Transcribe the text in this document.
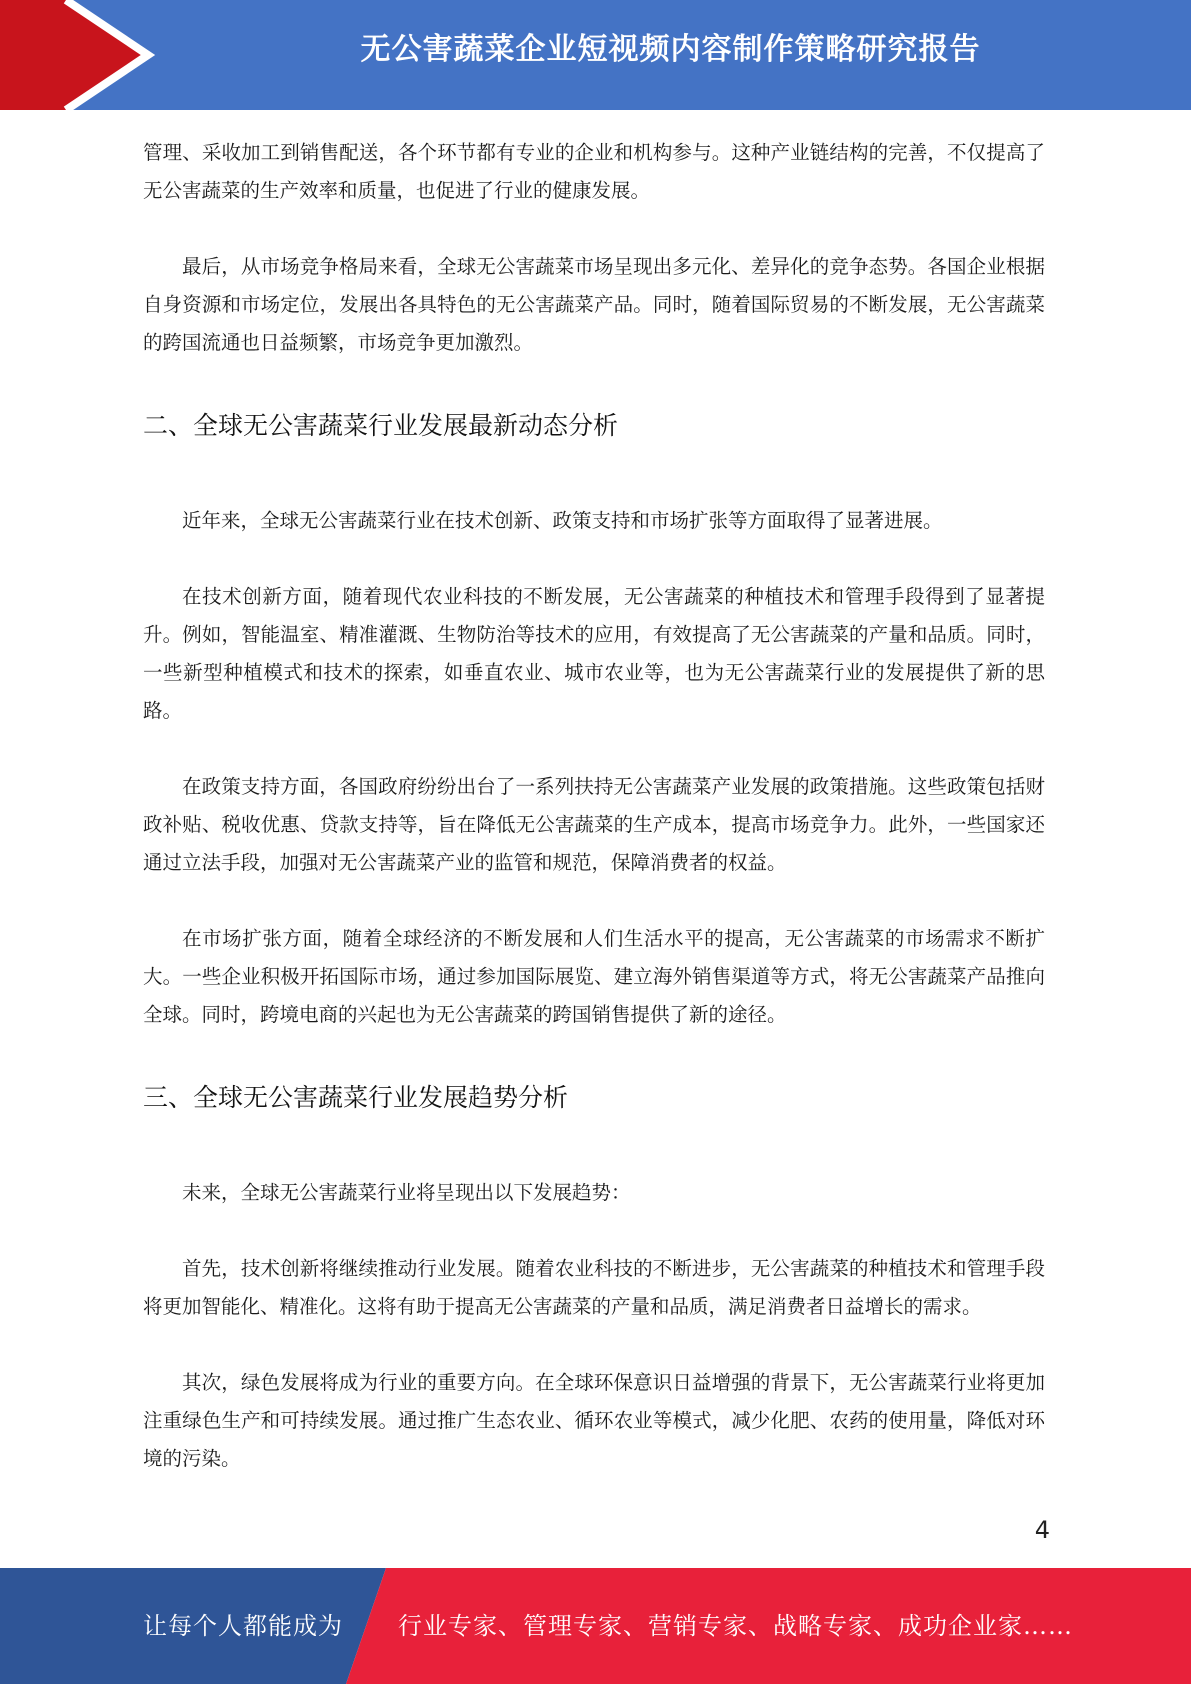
无公害蔬菜企业短视频内容制作策略研究报告

管理、采收加工到销售配送，各个环节都有专业的企业和机构参与。这种产业链结构的完善，不仅提高了无公害蔬菜的生产效率和质量，也促进了行业的健康发展。

最后，从市场竞争格局来看，全球无公害蔬菜市场呈现出多元化、差异化的竞争态势。各国企业根据自身资源和市场定位，发展出各具特色的无公害蔬菜产品。同时，随着国际贸易的不断发展，无公害蔬菜的跨国流通也日益频繁，市场竞争更加激烈。

二、全球无公害蔬菜行业发展最新动态分析

近年来，全球无公害蔬菜行业在技术创新、政策支持和市场扩张等方面取得了显著进展。

在技术创新方面，随着现代农业科技的不断发展，无公害蔬菜的种植技术和管理手段得到了显著提升。例如，智能温室、精准灌溉、生物防治等技术的应用，有效提高了无公害蔬菜的产量和品质。同时，一些新型种植模式和技术的探索，如垂直农业、城市农业等，也为无公害蔬菜行业的发展提供了新的思路。

在政策支持方面，各国政府纷纷出台了一系列扶持无公害蔬菜产业发展的政策措施。这些政策包括财政补贴、税收优惠、贷款支持等，旨在降低无公害蔬菜的生产成本，提高市场竞争力。此外，一些国家还通过立法手段，加强对无公害蔬菜产业的监管和规范，保障消费者的权益。

在市场扩张方面，随着全球经济的不断发展和人们生活水平的提高，无公害蔬菜的市场需求不断扩大。一些企业积极开拓国际市场，通过参加国际展览、建立海外销售渠道等方式，将无公害蔬菜产品推向全球。同时，跨境电商的兴起也为无公害蔬菜的跨国销售提供了新的途径。

三、全球无公害蔬菜行业发展趋势分析

未来，全球无公害蔬菜行业将呈现出以下发展趋势：

首先，技术创新将继续推动行业发展。随着农业科技的不断进步，无公害蔬菜的种植技术和管理手段将更加智能化、精准化。这将有助于提高无公害蔬菜的产量和品质，满足消费者日益增长的需求。

其次，绿色发展将成为行业的重要方向。在全球环保意识日益增强的背景下，无公害蔬菜行业将更加注重绿色生产和可持续发展。通过推广生态农业、循环农业等模式，减少化肥、农药的使用量，降低对环境的污染。

4
让每个人都能成为 行业专家、管理专家、营销专家、战略专家、成功企业家……
